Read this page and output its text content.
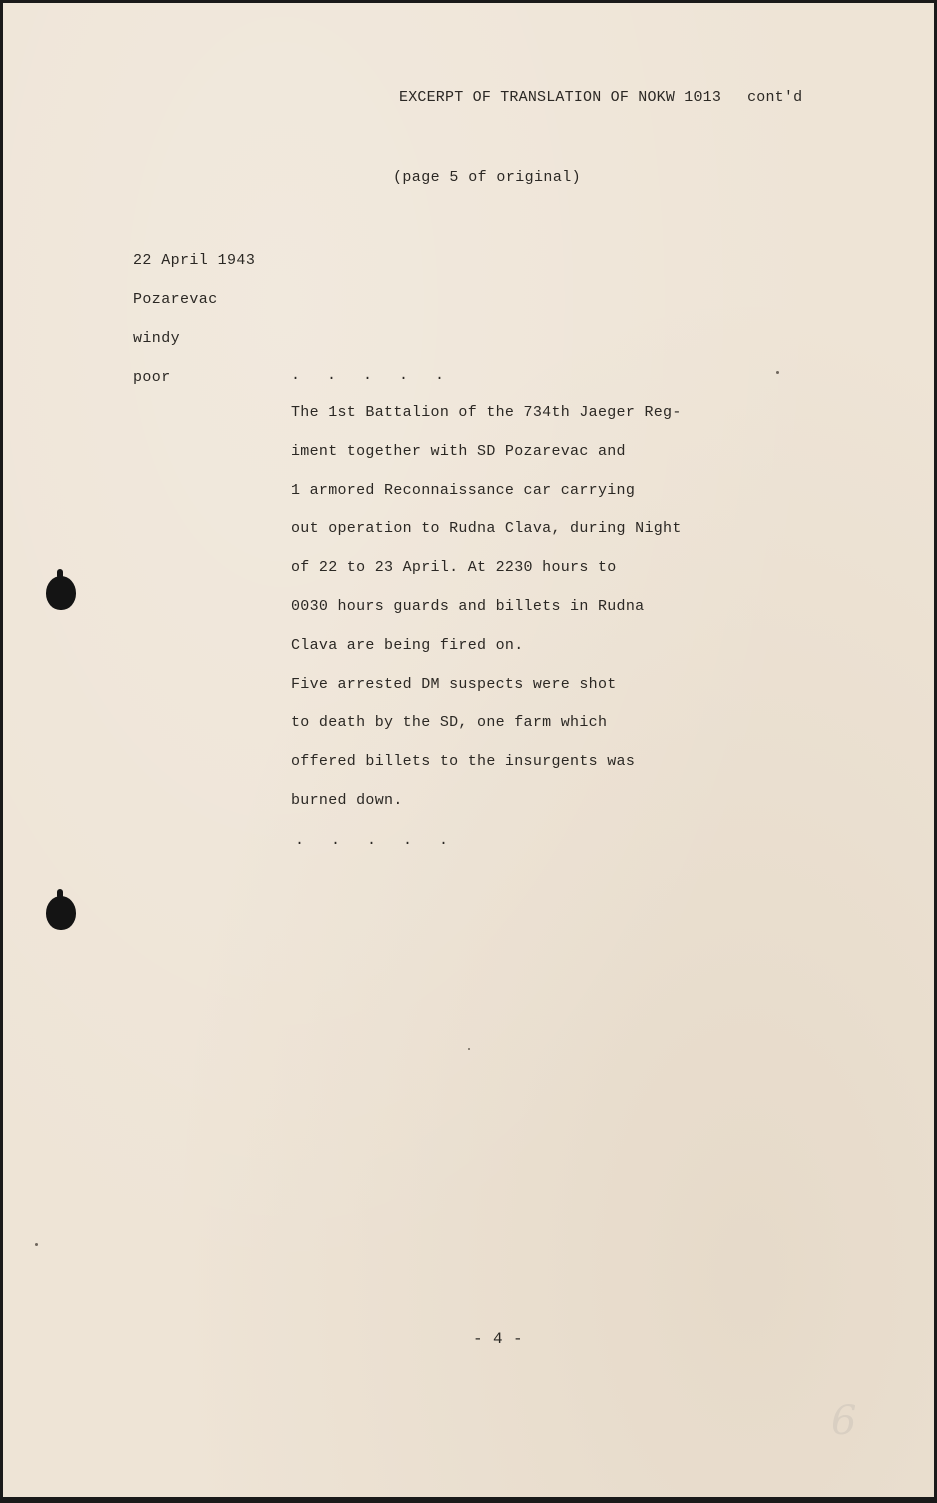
EXCERPT OF TRANSLATION OF NOKW 1013 cont'd
(page 5 of original)
22 April 1943
Pozarevac
windy
poor	. . . . .
The 1st Battalion of the 734th Jaeger Reg-
iment together with SD Pozarevac and
1 armored Reconnaissance car carrying
out operation to Rudna Clava, during Night
of 22 to 23 April. At 2230 hours to
0030 hours guards and billets in Rudna
Clava are being fired on.
Five arrested DM suspects were shot
to death by the SD, one farm which
offered billets to the insurgents was
burned down.
. . . . .
- 4 -
6
